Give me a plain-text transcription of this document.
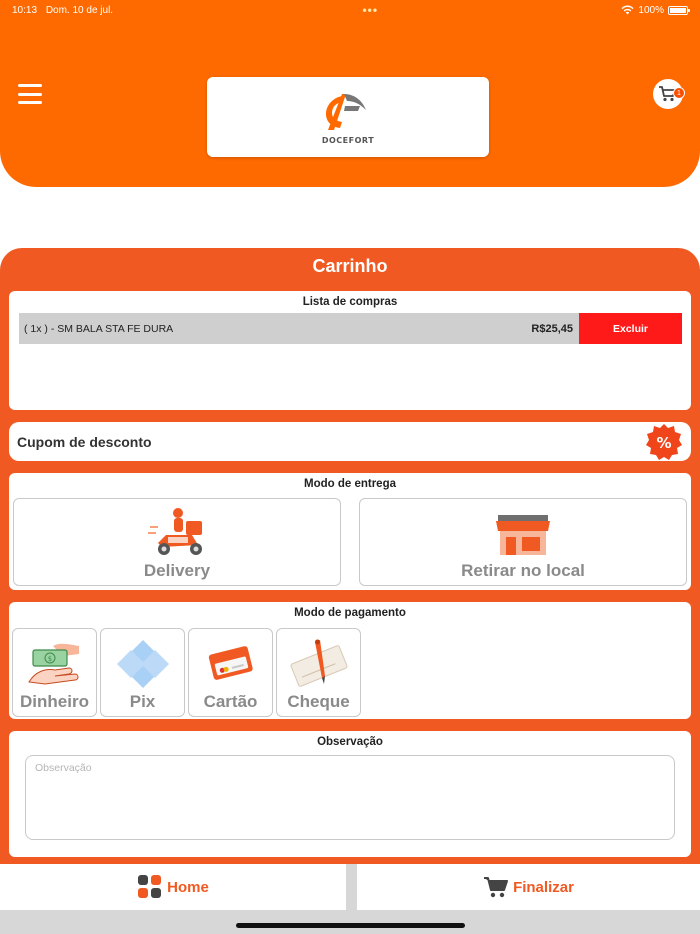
DOCEFORT
1
10:13 Dom. 10 de jul.	•••	100%
Carrinho
Lista de compras
( 1x ) - SM BALA STA FE DURA	R$25,45	Excluir
Cupom de desconto	%
Modo de entrega
Delivery	Retirar no local
Modo de pagamento
$
Dinheiro Pix	Cartão Cheque
Observação
Observação
Home	Finalizar
